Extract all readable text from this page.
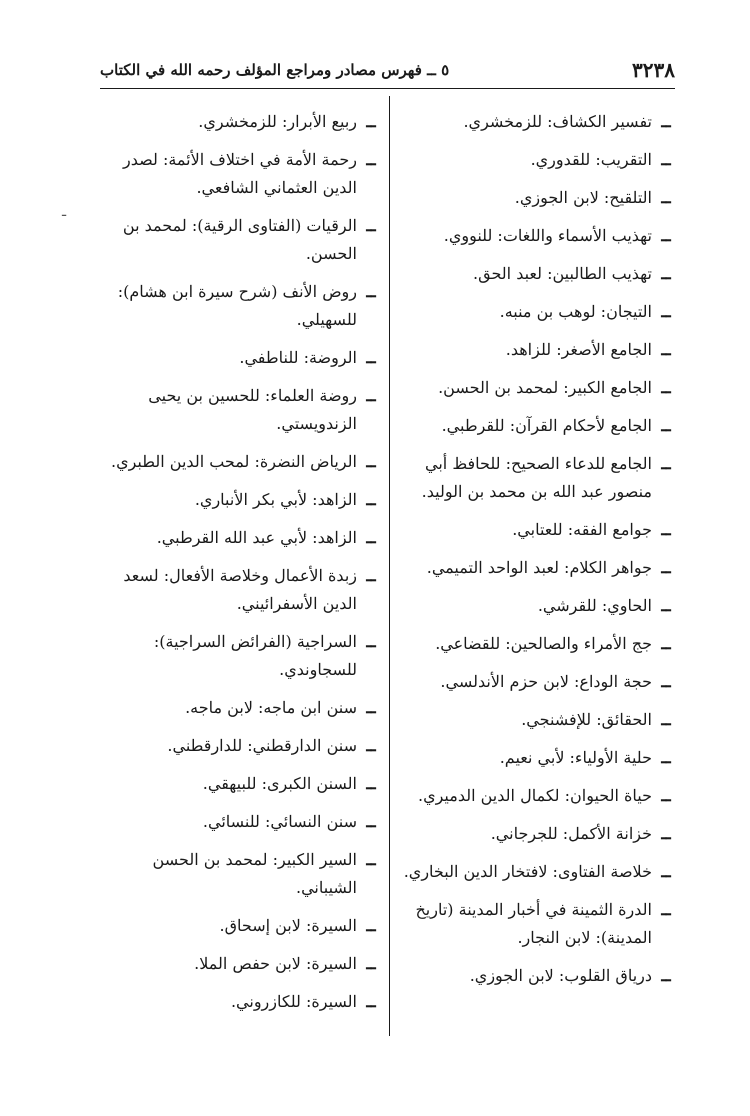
٣٢٣٨
٥ ــ فهرس مصادر ومراجع المؤلف رحمه الله في الكتاب
ـ
ــ
تفسير الكشاف: للزمخشري.
ــ
التقريب: للقدوري.
ــ
التلقيح: لابن الجوزي.
ــ
تهذيب الأسماء واللغات: للنووي.
ــ
تهذيب الطالبين: لعبد الحق.
ــ
التيجان: لوهب بن منبه.
ــ
الجامع الأصغر: للزاهد.
ــ
الجامع الكبير: لمحمد بن الحسن.
ــ
الجامع لأحكام القرآن: للقرطبي.
ــ
الجامع للدعاء الصحيح: للحافظ أبي منصور عبد الله بن محمد بن الوليد.
ــ
جوامع الفقه: للعتابي.
ــ
جواهر الكلام: لعبد الواحد التميمي.
ــ
الحاوي: للقرشي.
ــ
جج الأمراء والصالحين: للقضاعي.
ــ
حجة الوداع: لابن حزم الأندلسي.
ــ
الحقائق: للإفشنجي.
ــ
حلية الأولياء: لأبي نعيم.
ــ
حياة الحيوان: لكمال الدين الدميري.
ــ
خزانة الأكمل: للجرجاني.
ــ
خلاصة الفتاوى: لافتخار الدين البخاري.
ــ
الدرة الثمينة في أخبار المدينة (تاريخ المدينة): لابن النجار.
ــ
درياق القلوب: لابن الجوزي.
ــ
ربيع الأبرار: للزمخشري.
ــ
رحمة الأمة في اختلاف الأئمة: لصدر الدين العثماني الشافعي.
ــ
الرقيات (الفتاوى الرقية): لمحمد بن الحسن.
ــ
روض الأنف (شرح سيرة ابن هشام): للسهيلي.
ــ
الروضة: للناطفي.
ــ
روضة العلماء: للحسين بن يحيى الزندويستي.
ــ
الرياض النضرة: لمحب الدين الطبري.
ــ
الزاهد: لأبي بكر الأنباري.
ــ
الزاهد: لأبي عبد الله القرطبي.
ــ
زبدة الأعمال وخلاصة الأفعال: لسعد الدين الأسفرائيني.
ــ
السراجية (الفرائض السراجية): للسجاوندي.
ــ
سنن ابن ماجه: لابن ماجه.
ــ
سنن الدارقطني: للدارقطني.
ــ
السنن الكبرى: للبيهقي.
ــ
سنن النسائي: للنسائي.
ــ
السير الكبير: لمحمد بن الحسن الشيباني.
ــ
السيرة: لابن إسحاق.
ــ
السيرة: لابن حفص الملا.
ــ
السيرة: للكازروني.
